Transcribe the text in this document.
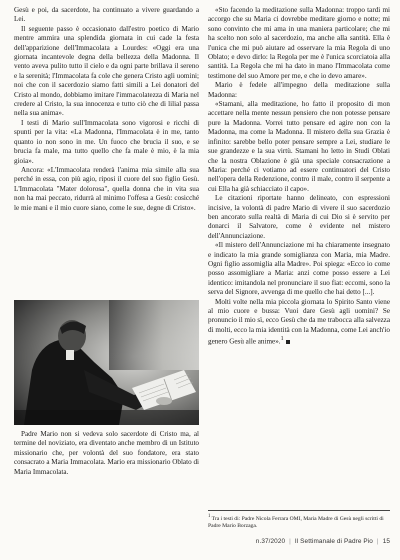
Gesù e poi, da sacerdote, ha continuato a vivere guardando a Lei.

Il seguente passo è occasionato dall'estro poetico di Mario mentre ammira una splendida giornata in cui cade la festa dell'apparizione dell'Immacolata a Lourdes: «Oggi era una giornata incantevole degna della bellezza della Madonna. Il vento aveva pulito tutto il cielo e da ogni parte brillava il sereno e la serenità; l'Immacolata fa cole che genera Cristo agli uomini; noi che con il sacerdozio siamo fatti simili a Lei donatori del Cristo al mondo, dobbiamo imitare l'immacolatezza di Maria nel credere al Cristo, la sua innocenza e tutto ciò che di lilial passa nella sua anima».

I testi di Mario sull'Immacolata sono vigorosi e ricchi di spunti per la vita: «La Madonna, l'Immacolata è in me, tanto quanto io non sono in me. Un fuoco che brucia il suo, e se brucia fa male, ma tutto quello che fa male è mio, è la mia gioia».

Ancora: «L'Immacolata renderà l'anima mia simile alla sua perché in essa, con più agio, riposi il cuore del suo figlio Gesù. L'Immacolata "Mater dolorosa", quella donna che in vita sua non ha mai peccato, ridurrà al minimo l'offesa a Gesù: cosicché le mie mani e il mio cuore siano, come le sue, degne di Cristo».

Padre Mario non si vedeva solo sacerdote di Cristo ma, al termine del noviziato, era diventato anche membro di un Istituto missionario che, per volontà del suo fondatore, era stato consacrato a Maria Immacolata. Mario era missionario Oblato di Maria Immacolata.

«Sto facendo la meditazione sulla Madonna: troppo tardi mi accorgo che su Maria ci dovrebbe meditare giorno e notte; mi sono convinto che mi ama in una maniera particolare; che mi ha scelto non solo al sacerdozio, ma anche alla santità. Ella è l'unica che mi può aiutare ad osservare la mia Regola di uno Oblato; e devo dirlo: la Regola per me è l'unica scorciatoia alla santità. La Regola che mi ha dato in mano l'Immacolata come testimone del suo Amore per me, e che io devo amare».

Mario è fedele all'impegno della meditazione sulla Madonna:

«Stamani, alla meditazione, ho fatto il proposito di mon accettare nella mente nessun pensiero che non potesse pensare pure la Madonna. Vorrei tutto pensare ed agire non con la Madonna, ma come la Madonna. Il mistero della sua Grazia è infinito: sarebbe bello poter pensare sempre a Lei, studiare le sue grandezze e la sua virtù. Stamani ho letto in Studi Oblati che la nostra Oblazione è già una speciale consacrazione a Maria: perché ci votiamo ad essere continuatori del Cristo nell'opera della Redenzione, contro il male, contro il serpente a cui Ella ha già schiacciato il capo».

Le citazioni riportate hanno delineato, con espressioni incisive, la volontà di padre Mario di vivere il suo sacerdozio ben ancorato sulla realtà di Maria di cui Dio si è servito per donarci il Salvatore, come è evidente nel mistero dell'Annunciazione.

«Il mistero dell'Annunciazione mi ha chiaramente insegnato e indicato la mia grande somiglianza con Maria, mia Madre. Ogni figlio assomiglia alla Madre». Poi spiega: «Ecco io come posso assomigliare a Maria: anzi come posso essere a Lei identico: imitandola nel pronunciare il suo fiat: eccomi, sono la serva del Signore, avvenga di me quello che hai detto [...].

Molti volte nella mia piccola giornata lo Spirito Santo viene al mio cuore e bussa: Vuoi dare Gesù agli uomini? Se pronuncio il mio sì, ecco Gesù che da me trabocca alla salvezza di molti, ecco la mia identità con la Madonna, come Lei anch'io genero Gesù alle anime».$^1$

$^1$ Tra i testi di: Padre Nicola Ferrara OMI, Maria Madre di Gesù negli scritti di Padre Mario Borzaga.
n.37/2020 | Il Settimanale di Padre Pio | 15
